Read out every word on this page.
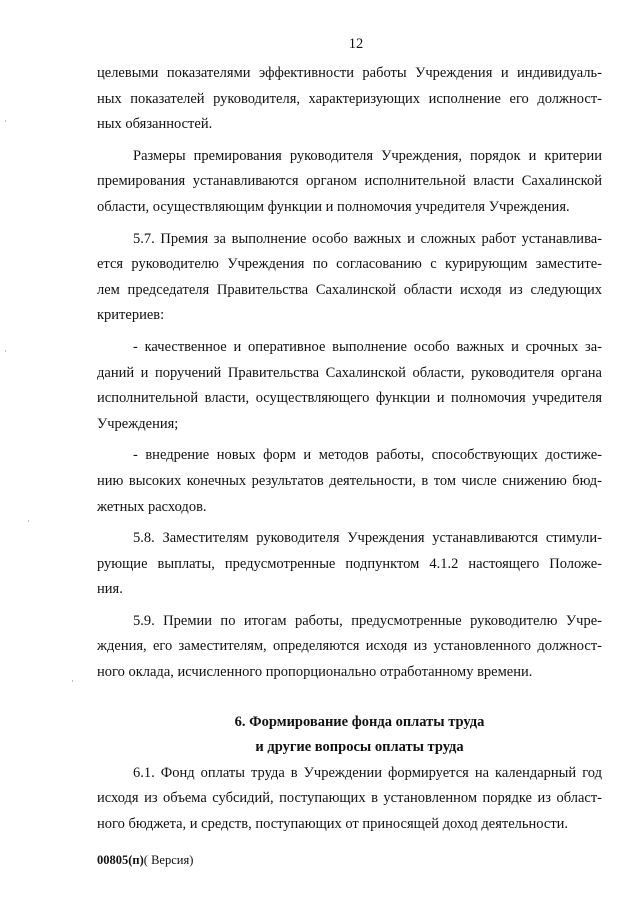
12
целевыми показателями эффективности работы Учреждения и индивидуаль-
ных показателей руководителя, характеризующих исполнение его должност-
ных обязанностей.
Размеры премирования руководителя Учреждения, порядок и критерии
премирования устанавливаются органом исполнительной власти Сахалинской
области, осуществляющим функции и полномочия учредителя Учреждения.
5.7. Премия за выполнение особо важных и сложных работ устанавлива-
ется руководителю Учреждения по согласованию с курирующим заместите-
лем председателя Правительства Сахалинской области исходя из следующих
критериев:
- качественное и оперативное выполнение особо важных и срочных за-
даний и поручений Правительства Сахалинской области, руководителя органа
исполнительной власти, осуществляющего функции и полномочия учредителя
Учреждения;
- внедрение новых форм и методов работы, способствующих достиже-
нию высоких конечных результатов деятельности, в том числе снижению бюд-
жетных расходов.
5.8. Заместителям руководителя Учреждения устанавливаются стимули-
рующие выплаты, предусмотренные подпунктом 4.1.2 настоящего Положе-
ния.
5.9. Премии по итогам работы, предусмотренные руководителю Учре-
ждения, его заместителям, определяются исходя из установленного должност-
ного оклада, исчисленного пропорционально отработанному времени.
6. Формирование фонда оплаты труда
и другие вопросы оплаты труда
6.1. Фонд оплаты труда в Учреждении формируется на календарный год
исходя из объема субсидий, поступающих в установленном порядке из област-
ного бюджета, и средств, поступающих от приносящей доход деятельности.
00805(п)( Версия)
